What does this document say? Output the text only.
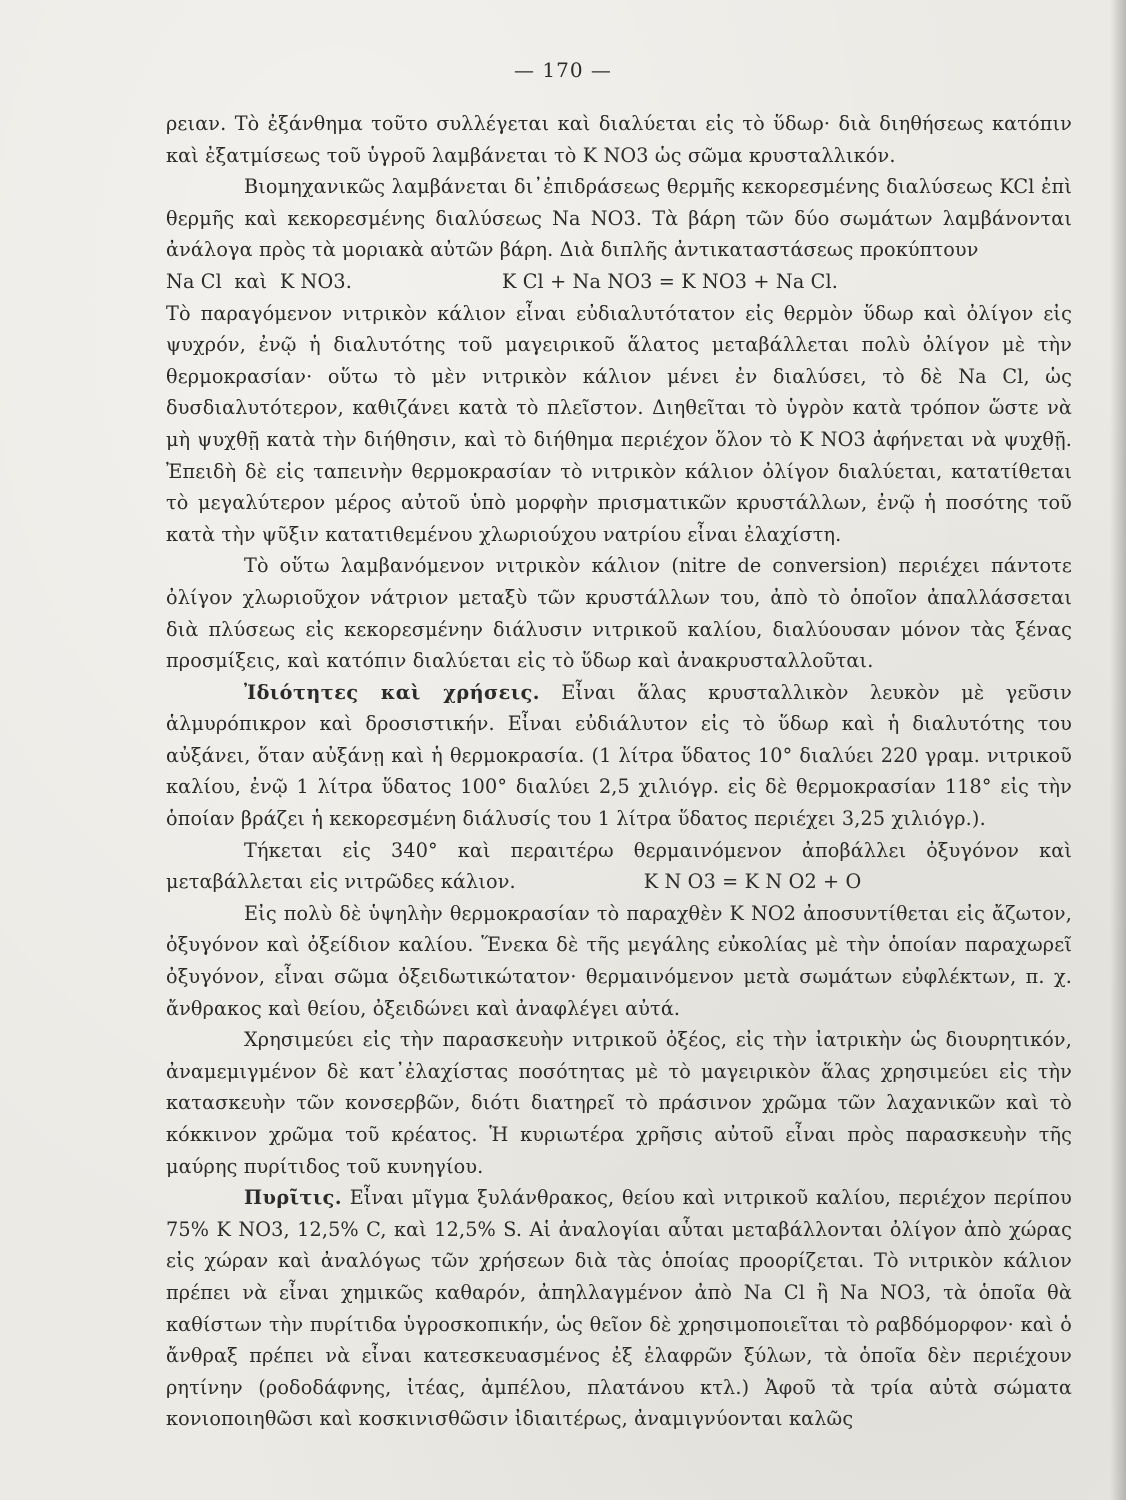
— 170 —

ρειαν. Τὸ ἐξάνθημα τοῦτο συλλέγεται καὶ διαλύεται εἰς τὸ ὕδωρ· διὰ διηθήσεως κατόπιν καὶ ἐξατμίσεως τοῦ ὑγροῦ λαμβάνεται τὸ K NO3 ὡς σῶμα κρυσταλλικόν.

Βιομηχανικῶς λαμβάνεται δι᾿ἐπιδράσεως θερμῆς κεκορεσμένης διαλύσεως KCl ἐπὶ θερμῆς καὶ κεκορεσμένης διαλύσεως Na NO3. Τὰ βάρη τῶν δύο σωμάτων λαμβάνονται ἀνάλογα πρὸς τὰ μοριακὰ αὐτῶν βάρη. Διὰ διπλῆς ἀντικαταστάσεως προκύπτουν

Na Cl  καὶ  K NO3.	K Cl + Na NO3 = K NO3 + Na Cl.

Τὸ παραγόμενον νιτρικὸν κάλιον εἶναι εὐδιαλυτότατον εἰς θερμὸν ὕδωρ καὶ ὀλίγον εἰς ψυχρόν, ἐνῷ ἡ διαλυτότης τοῦ μαγειρικοῦ ἅλατος μεταβάλλεται πολὺ ὀλίγον μὲ τὴν θερμοκρασίαν· οὕτω τὸ μὲν νιτρικὸν κάλιον μένει ἐν διαλύσει, τὸ δὲ Na Cl, ὡς δυσδιαλυτότερον, καθιζάνει κατὰ τὸ πλεῖστον. Διηθεῖται τὸ ὑγρὸν κατὰ τρόπον ὥστε νὰ μὴ ψυχθῇ κατὰ τὴν διήθησιν, καὶ τὸ διήθημα περιέχον ὅλον τὸ K NO3 ἀφήνεται νὰ ψυχθῇ. Ἐπειδὴ δὲ εἰς ταπεινὴν θερμοκρασίαν τὸ νιτρικὸν κάλιον ὀλίγον διαλύεται, κατατίθεται τὸ μεγαλύτερον μέρος αὐτοῦ ὑπὸ μορφὴν πρισματικῶν κρυστάλλων, ἐνῷ ἡ ποσότης τοῦ κατὰ τὴν ψῦξιν κατατιθεμένου χλωριούχου νατρίου εἶναι ἐλαχίστη.

Τὸ οὕτω λαμβανόμενον νιτρικὸν κάλιον (nitre de conversion) περιέχει πάντοτε ὀλίγον χλωριοῦχον νάτριον μεταξὺ τῶν κρυστάλλων του, ἀπὸ τὸ ὁποῖον ἀπαλλάσσεται διὰ πλύσεως εἰς κεκορεσμένην διάλυσιν νιτρικοῦ καλίου, διαλύουσαν μόνον τὰς ξένας προσμίξεις, καὶ κατόπιν διαλύεται εἰς τὸ ὕδωρ καὶ ἀνακρυσταλλοῦται.

Ἰδιότητες καὶ χρήσεις. Εἶναι ἅλας κρυσταλλικὸν λευκὸν μὲ γεῦσιν ἁλμυρόπικρον καὶ δροσιστικήν. Εἶναι εὐδιάλυτον εἰς τὸ ὕδωρ καὶ ἡ διαλυτότης του αὐξάνει, ὅταν αὐξάνῃ καὶ ἡ θερμοκρασία. (1 λίτρα ὕδατος 10° διαλύει 220 γραμ. νιτρικοῦ καλίου, ἐνῷ 1 λίτρα ὕδατος 100° διαλύει 2,5 χιλιόγρ. εἰς δὲ θερμοκρασίαν 118° εἰς τὴν ὁποίαν βράζει ἡ κεκορεσμένη διάλυσίς του 1 λίτρα ὕδατος περιέχει 3,25 χιλιόγρ.).

Τήκεται εἰς 340° καὶ περαιτέρω θερμαινόμενον ἀποβάλλει ὀξυγόνον καὶ μεταβάλλεται εἰς νιτρῶδες κάλιον.	K N O3 = K N O2 + O

Εἰς πολὺ δὲ ὑψηλὴν θερμοκρασίαν τὸ παραχθὲν K NO2 ἀποσυντίθεται εἰς ἄζωτον, ὀξυγόνον καὶ ὀξείδιον καλίου. Ἕνεκα δὲ τῆς μεγάλης εὐκολίας μὲ τὴν ὁποίαν παραχωρεῖ ὀξυγόνον, εἶναι σῶμα ὀξειδωτικώτατον· θερμαινόμενον μετὰ σωμάτων εὐφλέκτων, π. χ. ἄνθρακος καὶ θείου, ὀξειδώνει καὶ ἀναφλέγει αὐτά.

Χρησιμεύει εἰς τὴν παρασκευὴν νιτρικοῦ ὀξέος, εἰς τὴν ἰατρικὴν ὡς διουρητικόν, ἀναμεμιγμένον δὲ κατ᾿ἐλαχίστας ποσότητας μὲ τὸ μαγειρικὸν ἅλας χρησιμεύει εἰς τὴν κατασκευὴν τῶν κονσερβῶν, διότι διατηρεῖ τὸ πράσινον χρῶμα τῶν λαχανικῶν καὶ τὸ κόκκινον χρῶμα τοῦ κρέατος. Ἡ κυριωτέρα χρῆσις αὐτοῦ εἶναι πρὸς παρασκευὴν τῆς μαύρης πυρίτιδος τοῦ κυνηγίου.

Πυρῖτις. Εἶναι μῖγμα ξυλάνθρακος, θείου καὶ νιτρικοῦ καλίου, περιέχον περίπου 75% K NO3, 12,5% C, καὶ 12,5% S. Αἱ ἀναλογίαι αὗται μεταβάλλονται ὀλίγον ἀπὸ χώρας εἰς χώραν καὶ ἀναλόγως τῶν χρήσεων διὰ τὰς ὁποίας προορίζεται. Τὸ νιτρικὸν κάλιον πρέπει νὰ εἶναι χημικῶς καθαρόν, ἀπηλλαγμένον ἀπὸ Na Cl ἢ Na NO3, τὰ ὁποῖα θὰ καθίστων τὴν πυρίτιδα ὑγροσκοπικήν, ὡς θεῖον δὲ χρησιμοποιεῖται τὸ ραβδόμορφον· καὶ ὁ ἄνθραξ πρέπει νὰ εἶναι κατεσκευασμένος ἐξ ἐλαφρῶν ξύλων, τὰ ὁποῖα δὲν περιέχουν ρητίνην (ροδοδάφνης, ἰτέας, ἀμπέλου, πλατάνου κτλ.) Ἀφοῦ τὰ τρία αὐτὰ σώματα κονιοποιηθῶσι καὶ κοσκινισθῶσιν ἰδιαιτέρως, ἀναμιγνύονται καλῶς
